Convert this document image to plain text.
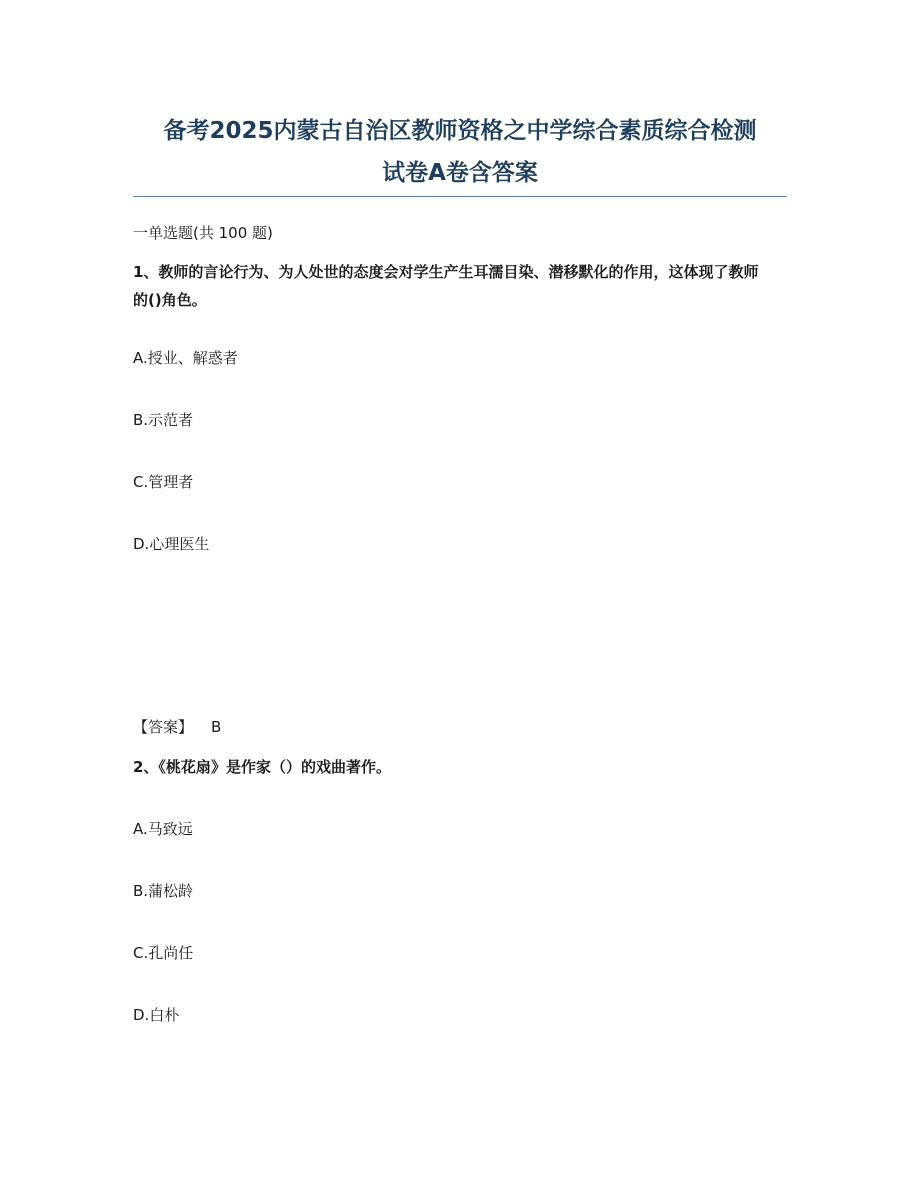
备考2025内蒙古自治区教师资格之中学综合素质综合检测
试卷A卷含答案

一单选题(共 100 题)

1、教师的言论行为、为人处世的态度会对学生产生耳濡目染、潜移默化的作用，这体现了教师的()角色。

A.授业、解惑者

B.示范者

C.管理者

D.心理医生

【答案】 B

2、《桃花扇》是作家（）的戏曲著作。

A.马致远

B.蒲松龄

C.孔尚任

D.白朴
